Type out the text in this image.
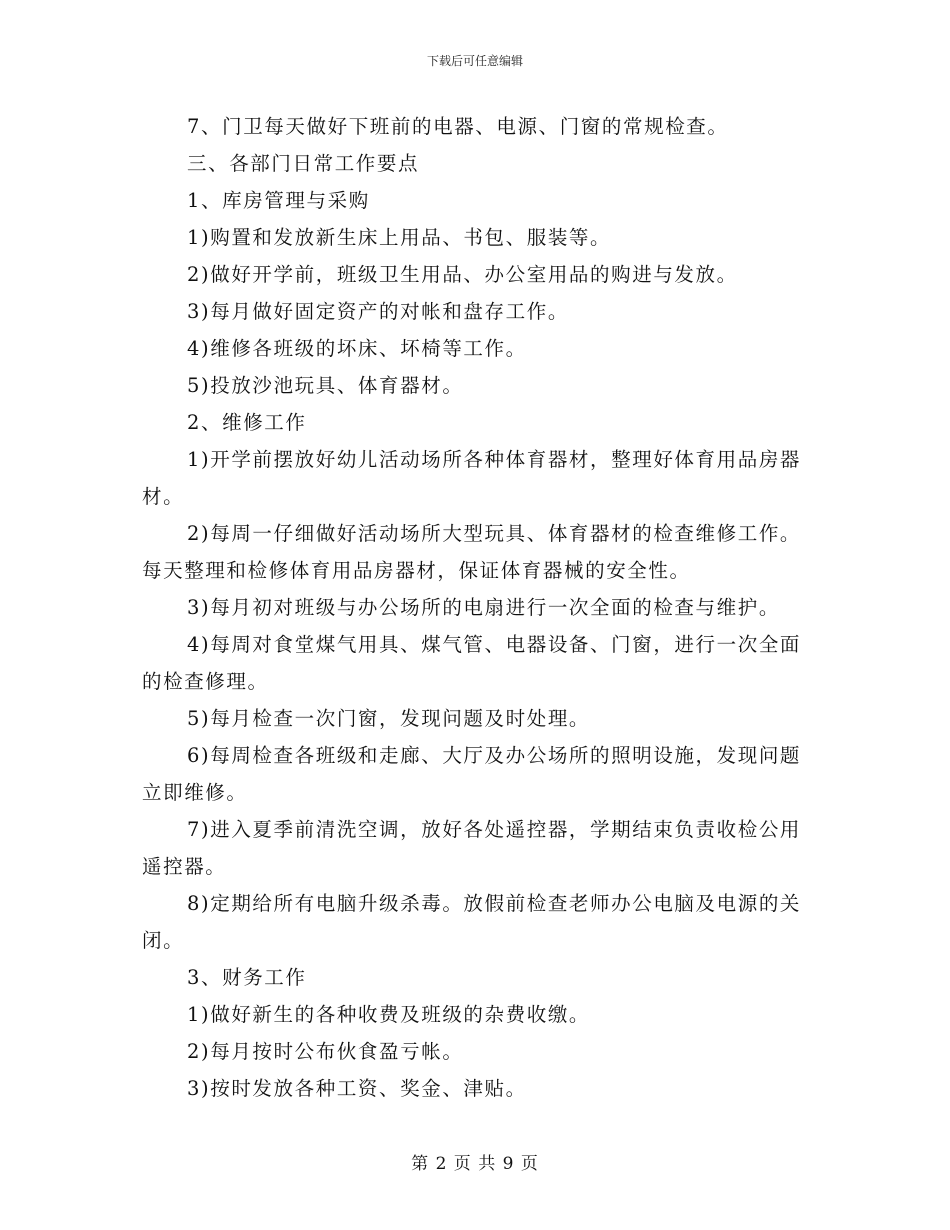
下载后可任意编辑

7、门卫每天做好下班前的电器、电源、门窗的常规检查。

三、各部门日常工作要点

1、库房管理与采购

1)购置和发放新生床上用品、书包、服装等。

2)做好开学前，班级卫生用品、办公室用品的购进与发放。

3)每月做好固定资产的对帐和盘存工作。

4)维修各班级的坏床、坏椅等工作。

5)投放沙池玩具、体育器材。

2、维修工作

1)开学前摆放好幼儿活动场所各种体育器材，整理好体育用品房器材。

2)每周一仔细做好活动场所大型玩具、体育器材的检查维修工作。每天整理和检修体育用品房器材，保证体育器械的安全性。

3)每月初对班级与办公场所的电扇进行一次全面的检查与维护。

4)每周对食堂煤气用具、煤气管、电器设备、门窗，进行一次全面的检查修理。

5)每月检查一次门窗，发现问题及时处理。

6)每周检查各班级和走廊、大厅及办公场所的照明设施，发现问题立即维修。

7)进入夏季前清洗空调，放好各处遥控器，学期结束负责收检公用遥控器。

8)定期给所有电脑升级杀毒。放假前检查老师办公电脑及电源的关闭。

3、财务工作

1)做好新生的各种收费及班级的杂费收缴。

2)每月按时公布伙食盈亏帐。

3)按时发放各种工资、奖金、津贴。

第 2 页 共 9 页
